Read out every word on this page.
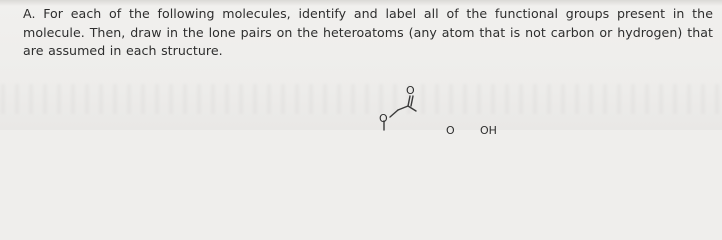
A. For each of the following molecules, identify and label all of the functional groups present in the molecule. Then, draw in the lone pairs on the heteroatoms (any atom that is not carbon or hydrogen) that are assumed in each structure.

O
O
OH
O
